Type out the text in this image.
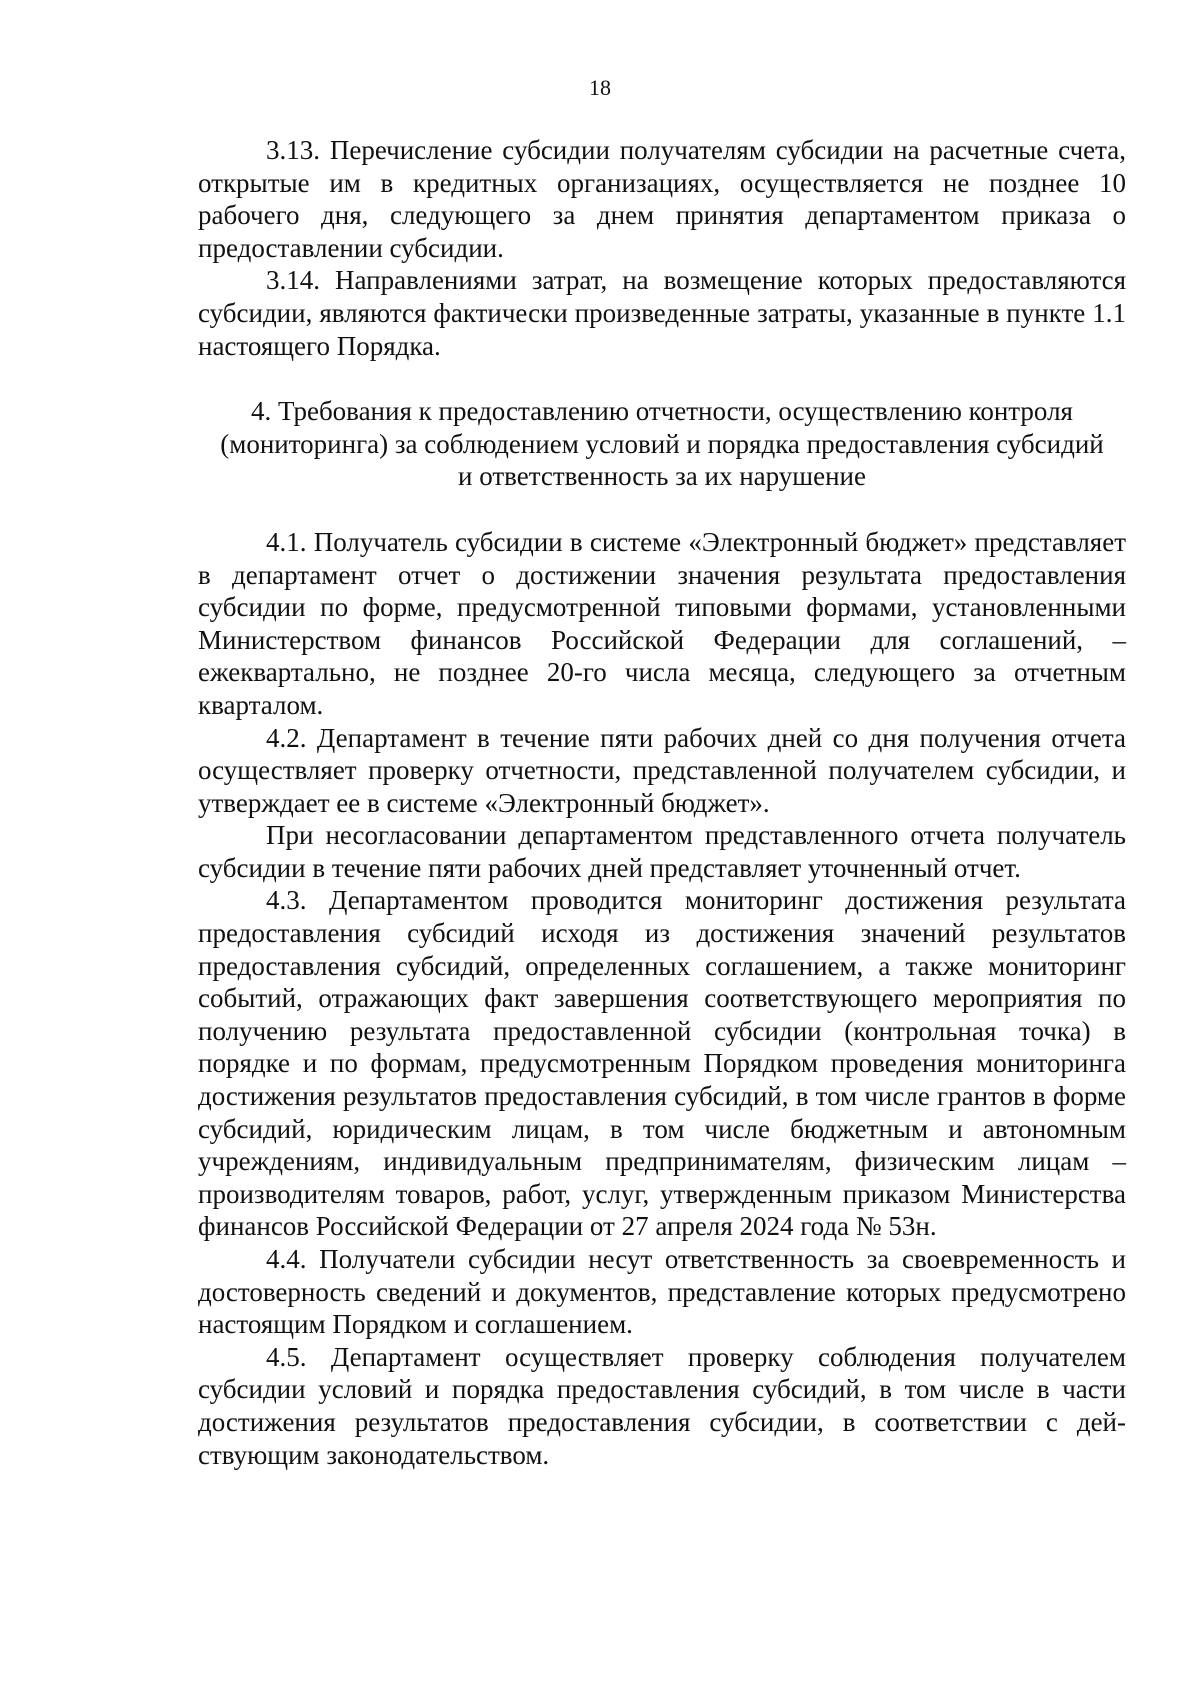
18

3.13. Перечисление субсидии получателям субсидии на расчетные счета, открытые им в кредитных организациях, осуществляется не позднее 10 рабочего дня, следующего за днем принятия департаментом приказа о предоставлении субсидии.

3.14. Направлениями затрат, на возмещение которых предоставляются субсидии, являются фактически произведенные затраты, указанные в пункте 1.1 настоящего Порядка.

4. Требования к предоставлению отчетности, осуществлению контроля
(мониторинга) за соблюдением условий и порядка предоставления субсидий
и ответственность за их нарушение

4.1. Получатель субсидии в системе «Электронный бюджет» представляет в департамент отчет о достижении значения результата предоставления субсидии по форме, предусмотренной типовыми формами, установленными Министерством финансов Российской Федерации для соглашений, – ежеквартально, не позднее 20-го числа месяца, следующего за отчетным кварталом.

4.2. Департамент в течение пяти рабочих дней со дня получения отчета осуществляет проверку отчетности, представленной получателем субсидии, и утверждает ее в системе «Электронный бюджет».

При несогласовании департаментом представленного отчета получатель субсидии в течение пяти рабочих дней представляет уточненный отчет.

4.3. Департаментом проводится мониторинг достижения результата предоставления субсидий исходя из достижения значений результатов предоставления субсидий, определенных соглашением, а также мониторинг событий, отражающих факт завершения соответствующего мероприятия по получению результата предоставленной субсидии (контрольная точка) в порядке и по формам, предусмотренным Порядком проведения мониторинга достижения результатов предоставления субсидий, в том числе грантов в форме субсидий, юридическим лицам, в том числе бюджетным и автономным учреждениям, индивидуальным предпринимателям, физическим лицам – производителям товаров, работ, услуг, утвержденным приказом Министерства финансов Российской Федерации от 27 апреля 2024 года № 53н.

4.4. Получатели субсидии несут ответственность за своевременность и достоверность сведений и документов, представление которых предусмотрено настоящим Порядком и соглашением.

4.5. Департамент осуществляет проверку соблюдения получателем субсидии условий и порядка предоставления субсидий, в том числе в части достижения результатов предоставления субсидии, в соответствии с действующим законодательством.
